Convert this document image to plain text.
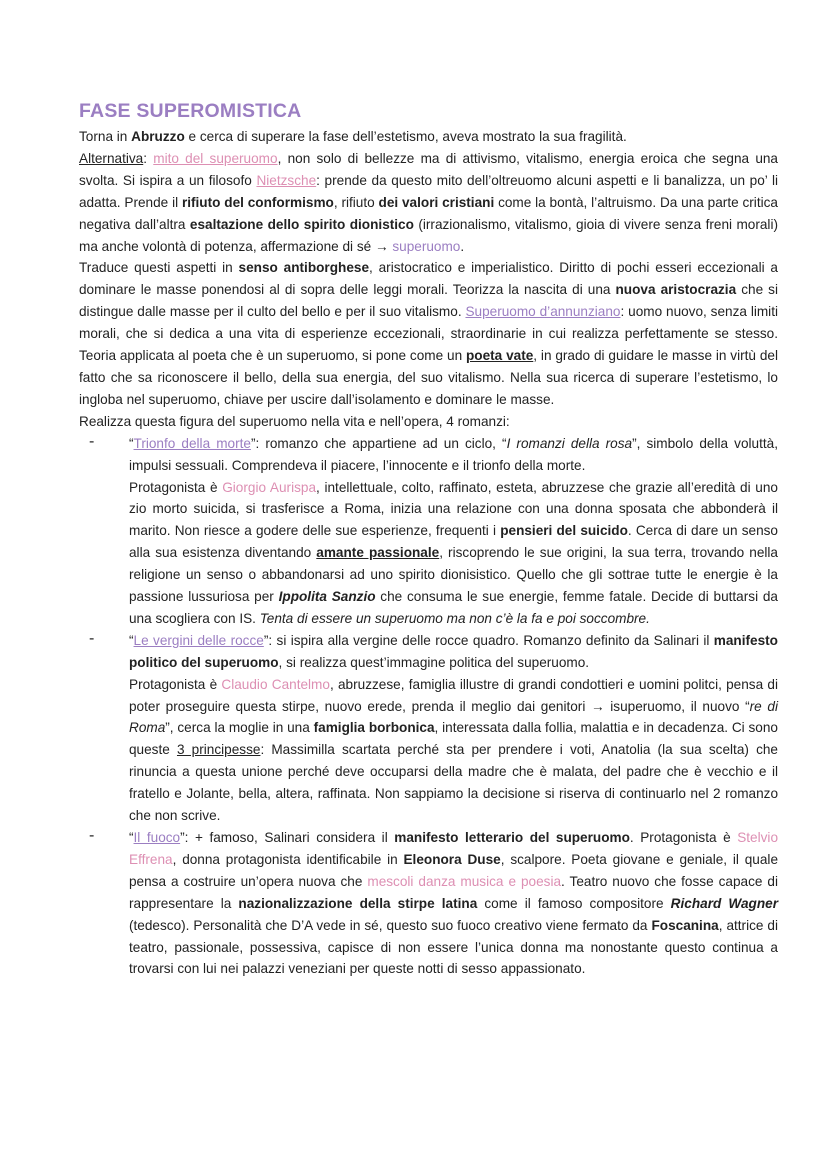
FASE SUPEROMISTICA

Torna in Abruzzo e cerca di superare la fase dell’estetismo, aveva mostrato la sua fragilità.

Alternativa: mito del superuomo, non solo di bellezze ma di attivismo, vitalismo, energia eroica che segna una svolta. Si ispira a un filosofo Nietzsche: prende da questo mito dell’oltreuomo alcuni aspetti e li banalizza, un po’ li adatta. Prende il rifiuto del conformismo, rifiuto dei valori cristiani come la bontà, l’altruismo. Da una parte critica negativa dall’altra esaltazione dello spirito dionistico (irrazionalismo, vitalismo, gioia di vivere senza freni morali) ma anche volontà di potenza, affermazione di sé → superuomo.

Traduce questi aspetti in senso antiborghese, aristocratico e imperialistico. Diritto di pochi esseri eccezionali a dominare le masse ponendosi al di sopra delle leggi morali. Teorizza la nascita di una nuova aristocrazia che si distingue dalle masse per il culto del bello e per il suo vitalismo. Superuomo d’annunziano: uomo nuovo, senza limiti morali, che si dedica a una vita di esperienze eccezionali, straordinarie in cui realizza perfettamente se stesso. Teoria applicata al poeta che è un superuomo, si pone come un poeta vate, in grado di guidare le masse in virtù del fatto che sa riconoscere il bello, della sua energia, del suo vitalismo. Nella sua ricerca di superare l’estetismo, lo ingloba nel superuomo, chiave per uscire dall’isolamento e dominare le masse.

Realizza questa figura del superuomo nella vita e nell’opera, 4 romanzi:

-	“Trionfo della morte”: romanzo che appartiene ad un ciclo, “I romanzi della rosa”, simbolo della voluttà, impulsi sessuali. Comprendeva il piacere, l’innocente e il trionfo della morte.

Protagonista è Giorgio Aurispa, intellettuale, colto, raffinato, esteta, abruzzese che grazie all’eredità di uno zio morto suicida, si trasferisce a Roma, inizia una relazione con una donna sposata che abbonderà il marito. Non riesce a godere delle sue esperienze, frequenti i pensieri del suicido. Cerca di dare un senso alla sua esistenza diventando amante passionale, riscoprendo le sue origini, la sua terra, trovando nella religione un senso o abbandonarsi ad uno spirito dionisistico. Quello che gli sottrae tutte le energie è la passione lussuriosa per Ippolita Sanzio che consuma le sue energie, femme fatale. Decide di buttarsi da una scogliera con IS. Tenta di essere un superuomo ma non c’è la fa e poi soccombre.

-	“Le vergini delle rocce”: si ispira alla vergine delle rocce quadro. Romanzo definito da Salinari il manifesto politico del superuomo, si realizza quest’immagine politica del superuomo.

Protagonista è Claudio Cantelmo, abruzzese, famiglia illustre di grandi condottieri e uomini politci, pensa di poter proseguire questa stirpe, nuovo erede, prenda il meglio dai genitori → isuperuomo, il nuovo “re di Roma”, cerca la moglie in una famiglia borbonica, interessata dalla follia, malattia e in decadenza. Ci sono queste 3 principesse: Massimilla scartata perché sta per prendere i voti, Anatolia (la sua scelta) che rinuncia a questa unione perché deve occuparsi della madre che è malata, del padre che è vecchio e il fratello e Jolante, bella, altera, raffinata. Non sappiamo la decisione si riserva di continuarlo nel 2 romanzo che non scrive.

-	“Il fuoco”: + famoso, Salinari considera il manifesto letterario del superuomo. Protagonista è Stelvio Effrena, donna protagonista identificabile in Eleonora Duse, scalpore. Poeta giovane e geniale, il quale pensa a costruire un’opera nuova che mescoli danza musica e poesia. Teatro nuovo che fosse capace di rappresentare la nazionalizzazione della stirpe latina come il famoso compositore Richard Wagner (tedesco). Personalità che D’A vede in sé, questo suo fuoco creativo viene fermato da Foscanina, attrice di teatro, passionale, possessiva, capisce di non essere l’unica donna ma nonostante questo continua a trovarsi con lui nei palazzi veneziani per queste notti di sesso appassionato.
